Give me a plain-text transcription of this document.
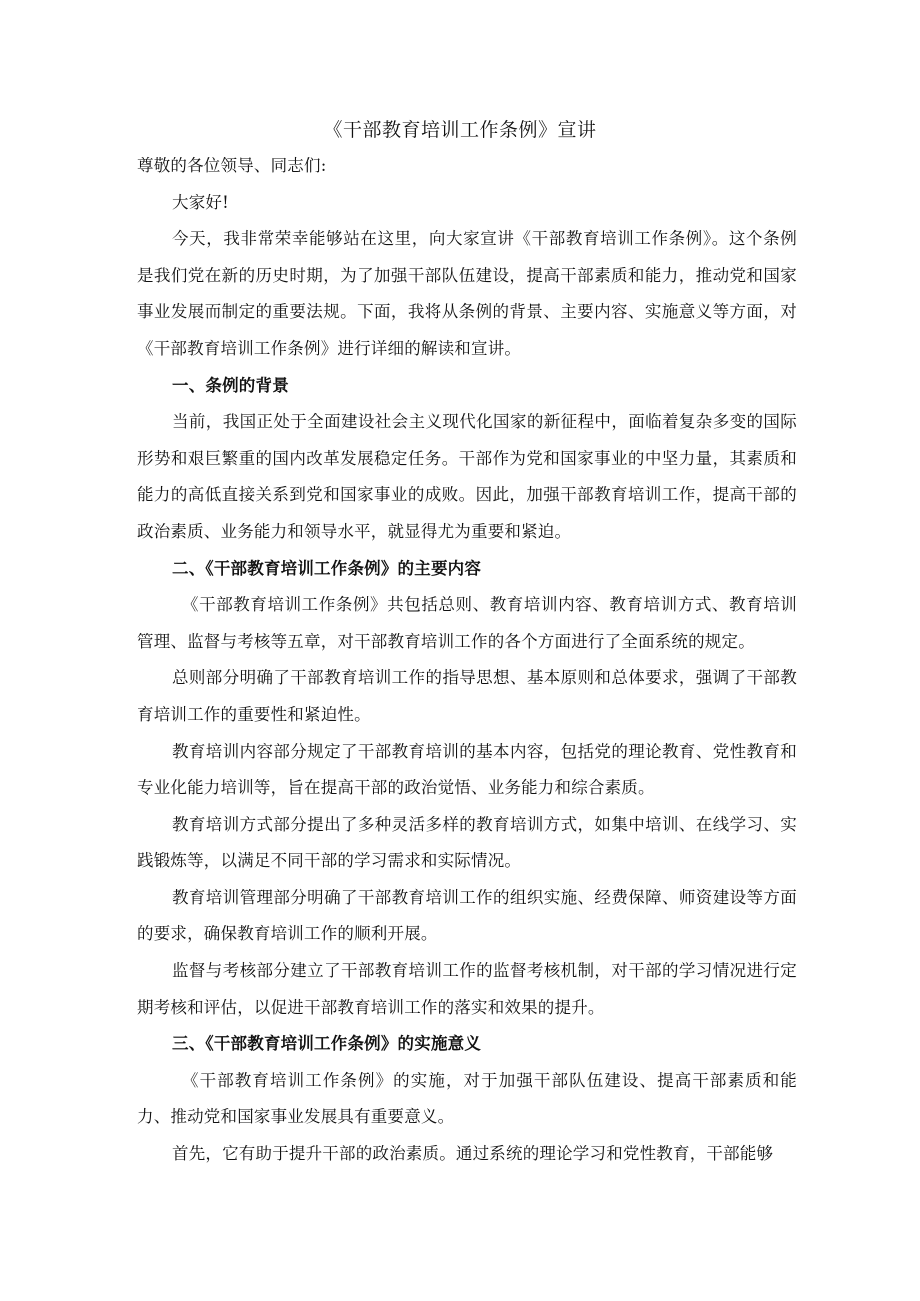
《干部教育培训工作条例》宣讲

尊敬的各位领导、同志们:

大家好!

今天，我非常荣幸能够站在这里，向大家宣讲《干部教育培训工作条例》。这个条例是我们党在新的历史时期，为了加强干部队伍建设，提高干部素质和能力，推动党和国家事业发展而制定的重要法规。下面，我将从条例的背景、主要内容、实施意义等方面，对《干部教育培训工作条例》进行详细的解读和宣讲。

一、条例的背景

当前，我国正处于全面建设社会主义现代化国家的新征程中，面临着复杂多变的国际形势和艰巨繁重的国内改革发展稳定任务。干部作为党和国家事业的中坚力量，其素质和能力的高低直接关系到党和国家事业的成败。因此，加强干部教育培训工作，提高干部的政治素质、业务能力和领导水平，就显得尤为重要和紧迫。

二、《干部教育培训工作条例》的主要内容

《干部教育培训工作条例》共包括总则、教育培训内容、教育培训方式、教育培训管理、监督与考核等五章，对干部教育培训工作的各个方面进行了全面系统的规定。

总则部分明确了干部教育培训工作的指导思想、基本原则和总体要求，强调了干部教育培训工作的重要性和紧迫性。

教育培训内容部分规定了干部教育培训的基本内容，包括党的理论教育、党性教育和专业化能力培训等，旨在提高干部的政治觉悟、业务能力和综合素质。

教育培训方式部分提出了多种灵活多样的教育培训方式，如集中培训、在线学习、实践锻炼等，以满足不同干部的学习需求和实际情况。

教育培训管理部分明确了干部教育培训工作的组织实施、经费保障、师资建设等方面的要求，确保教育培训工作的顺利开展。

监督与考核部分建立了干部教育培训工作的监督考核机制，对干部的学习情况进行定期考核和评估，以促进干部教育培训工作的落实和效果的提升。

三、《干部教育培训工作条例》的实施意义

《干部教育培训工作条例》的实施，对于加强干部队伍建设、提高干部素质和能力、推动党和国家事业发展具有重要意义。

首先，它有助于提升干部的政治素质。通过系统的理论学习和党性教育，干部能够
